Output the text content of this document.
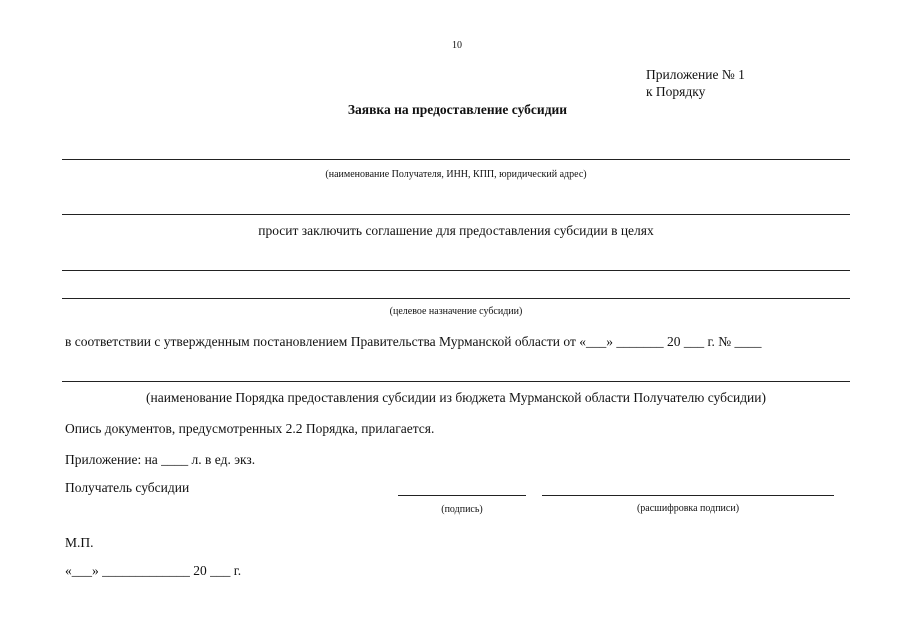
10
Приложение № 1
к Порядку
Заявка на предоставление субсидии
(наименование Получателя, ИНН, КПП, юридический адрес)
просит заключить соглашение для предоставления субсидии в целях
(целевое назначение субсидии)
в соответствии с утвержденным постановлением Правительства Мурманской области от «___» _______ 20 ___ г. № ____
(наименование Порядка предоставления субсидии из бюджета Мурманской области Получателю субсидии)
Опись документов, предусмотренных 2.2 Порядка, прилагается.
Приложение: на ____ л. в ед. экз.
Получатель субсидии
(подпись)	(расшифровка подписи)
М.П.
«___» _____________ 20 ___ г.
